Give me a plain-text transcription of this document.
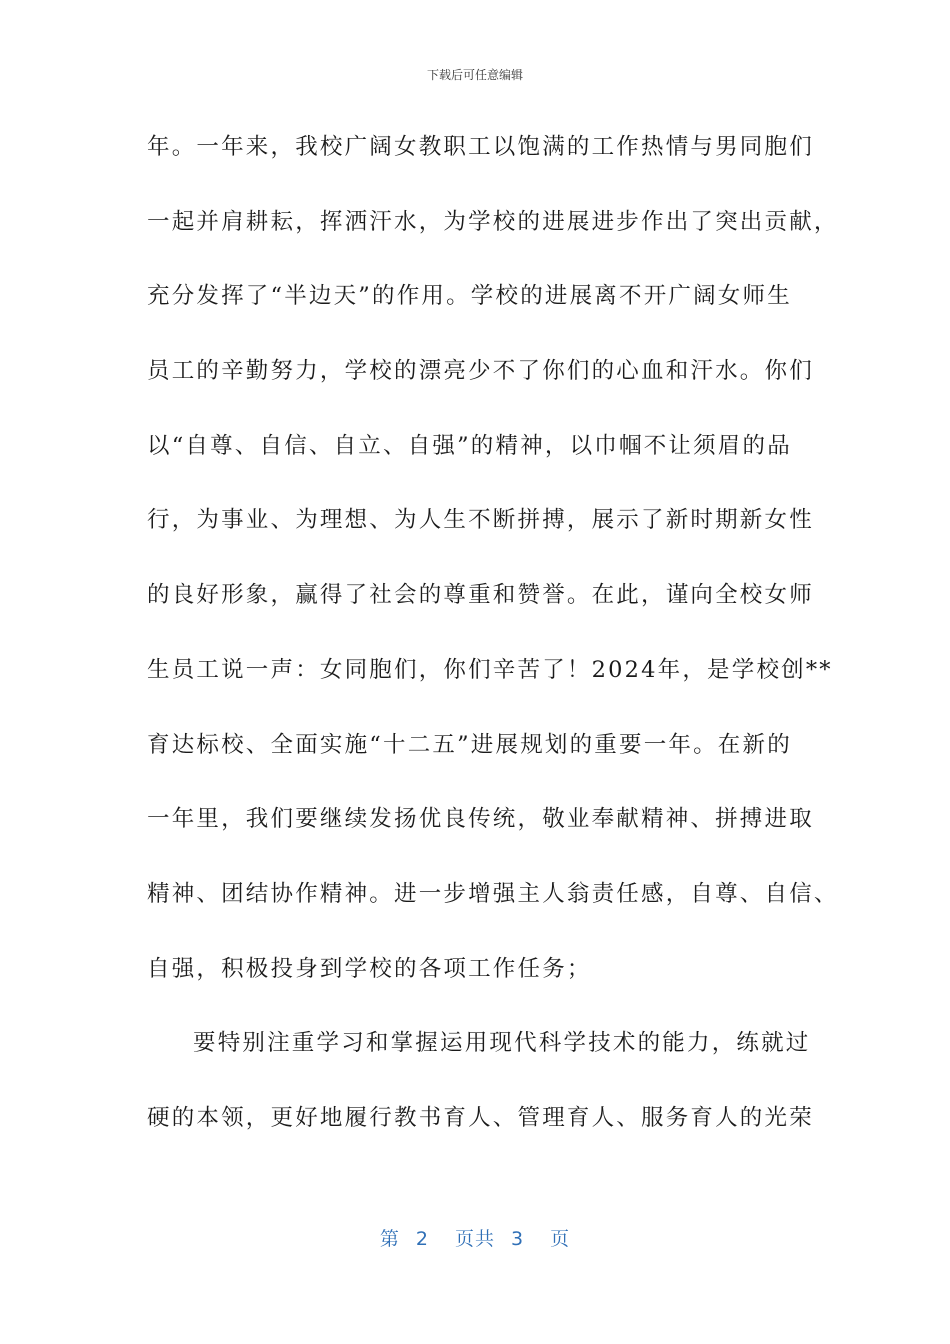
下载后可任意编辑
年。一年来，我校广阔女教职工以饱满的工作热情与男同胞们
一起并肩耕耘，挥洒汗水，为学校的进展进步作出了突出贡献，
充分发挥了“半边天”的作用。学校的进展离不开广阔女师生
员工的辛勤努力，学校的漂亮少不了你们的心血和汗水。你们
以“自尊、自信、自立、自强”的精神，以巾帼不让须眉的品
行，为事业、为理想、为人生不断拼搏，展示了新时期新女性
的良好形象，赢得了社会的尊重和赞誉。在此，谨向全校女师
生员工说一声：女同胞们，你们辛苦了！2024年，是学校创**
育达标校、全面实施“十二五”进展规划的重要一年。在新的
一年里，我们要继续发扬优良传统，敬业奉献精神、拼搏进取
精神、团结协作精神。进一步增强主人翁责任感，自尊、自信、
自强，积极投身到学校的各项工作任务；
要特别注重学习和掌握运用现代科学技术的能力，练就过
硬的本领，更好地履行教书育人、管理育人、服务育人的光荣
第 2 页共 3 页
